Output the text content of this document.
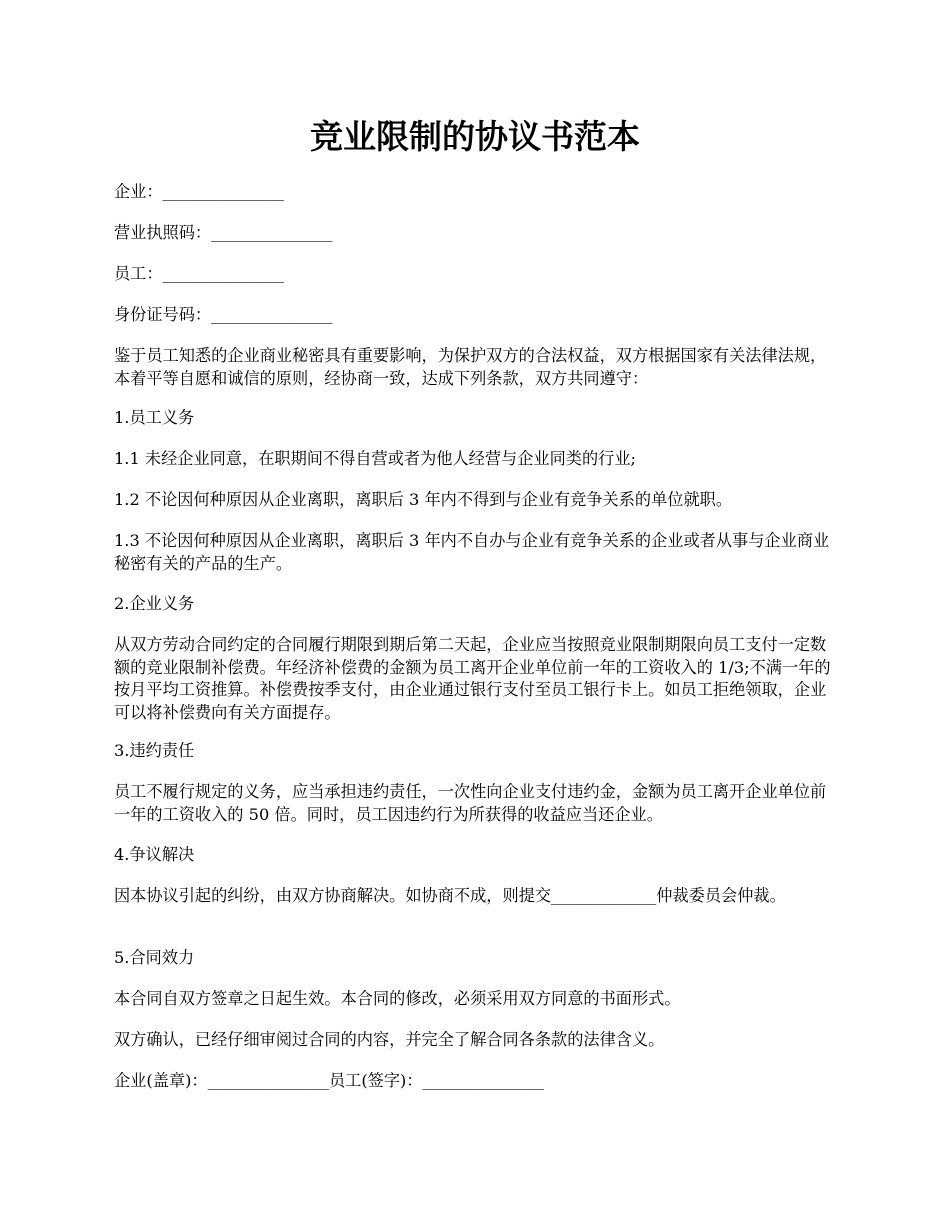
竞业限制的协议书范本

企业：_______________

营业执照码：_______________

员工：_______________

身份证号码：_______________

鉴于员工知悉的企业商业秘密具有重要影响，为保护双方的合法权益，双方根据国家有关法律法规，本着平等自愿和诚信的原则，经协商一致，达成下列条款，双方共同遵守：

1.员工义务

1.1 未经企业同意，在职期间不得自营或者为他人经营与企业同类的行业;

1.2 不论因何种原因从企业离职，离职后 3 年内不得到与企业有竞争关系的单位就职。

1.3 不论因何种原因从企业离职，离职后 3 年内不自办与企业有竞争关系的企业或者从事与企业商业秘密有关的产品的生产。

2.企业义务

从双方劳动合同约定的合同履行期限到期后第二天起，企业应当按照竞业限制期限向员工支付一定数额的竞业限制补偿费。年经济补偿费的金额为员工离开企业单位前一年的工资收入的 1/3;不满一年的按月平均工资推算。补偿费按季支付，由企业通过银行支付至员工银行卡上。如员工拒绝领取，企业可以将补偿费向有关方面提存。

3.违约责任

员工不履行规定的义务，应当承担违约责任，一次性向企业支付违约金，金额为员工离开企业单位前一年的工资收入的 50 倍。同时，员工因违约行为所获得的收益应当还企业。

4.争议解决

因本协议引起的纠纷，由双方协商解决。如协商不成，则提交_____________仲裁委员会仲裁。

5.合同效力

本合同自双方签章之日起生效。本合同的修改，必须采用双方同意的书面形式。

双方确认，已经仔细审阅过合同的内容，并完全了解合同各条款的法律含义。

企业(盖章)：_______________员工(签字)：_______________
